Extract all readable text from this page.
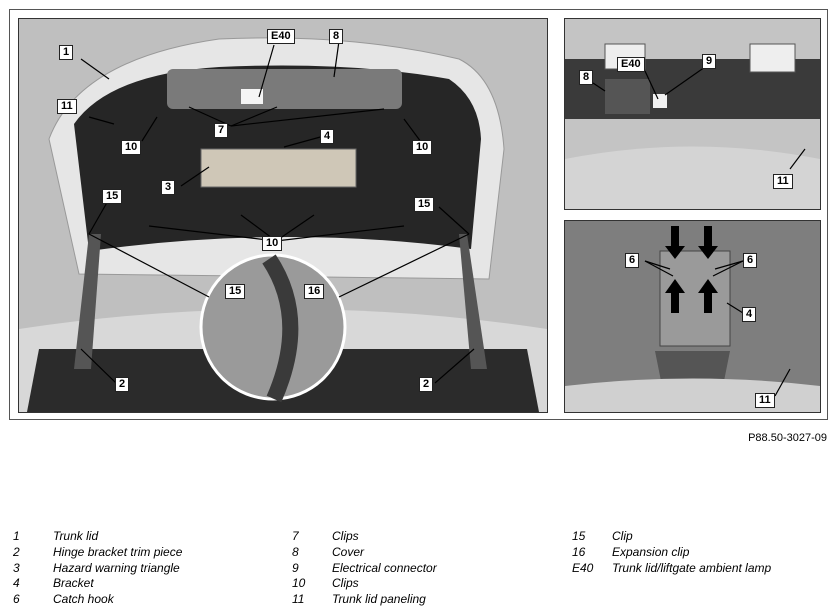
1
11
10
E40	8
7	4
10
3
15
15
10
15	16
2	2
E40	9
8
11
6	6
4
11
P88.50-3027-09
1	Trunk lid
2	Hinge bracket trim piece
3	Hazard warning triangle
4	Bracket
6	Catch hook
7	Clips
8	Cover
9	Electrical connector
10	Clips
11	Trunk lid paneling
15	Clip
16	Expansion clip
E40	Trunk lid/liftgate ambient lamp
